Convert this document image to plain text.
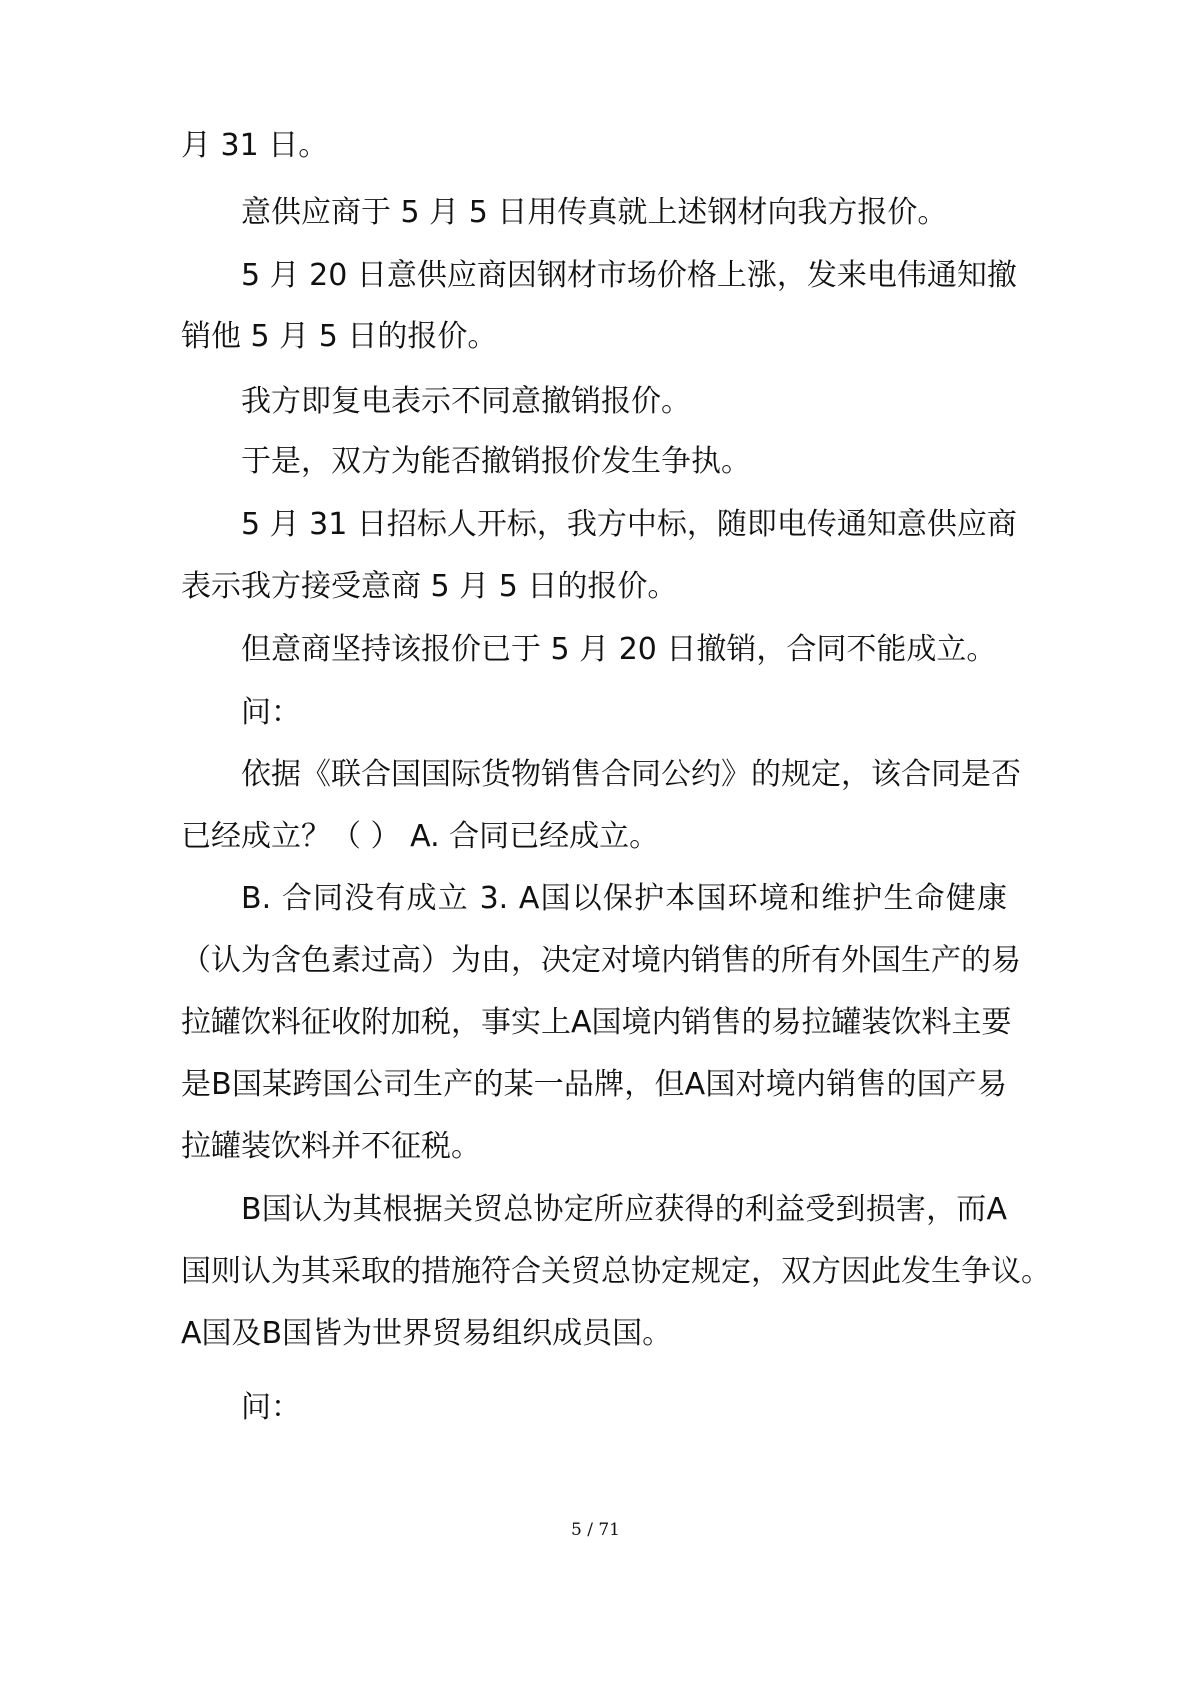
月 31 日。
意供应商于 5 月 5 日用传真就上述钢材向我方报价。
5 月 20 日意供应商因钢材市场价格上涨，发来电伟通知撤
销他 5 月 5 日的报价。
我方即复电表示不同意撤销报价。
于是，双方为能否撤销报价发生争执。
5 月 31 日招标人开标，我方中标，随即电传通知意供应商
表示我方接受意商 5 月 5 日的报价。
但意商坚持该报价已于 5 月 20 日撤销，合同不能成立。
问：
依据《联合国国际货物销售合同公约》的规定，该合同是否
已经成立？（ ） A. 合同已经成立。
B. 合同没有成立 3. A国以保护本国环境和维护生命健康
（认为含色素过高）为由，决定对境内销售的所有外国生产的易
拉罐饮料征收附加税，事实上A国境内销售的易拉罐装饮料主要
是B国某跨国公司生产的某一品牌，但A国对境内销售的国产易
拉罐装饮料并不征税。
B国认为其根据关贸总协定所应获得的利益受到损害，而A
国则认为其采取的措施符合关贸总协定规定，双方因此发生争议。
A国及B国皆为世界贸易组织成员国。
问：
5 / 71
